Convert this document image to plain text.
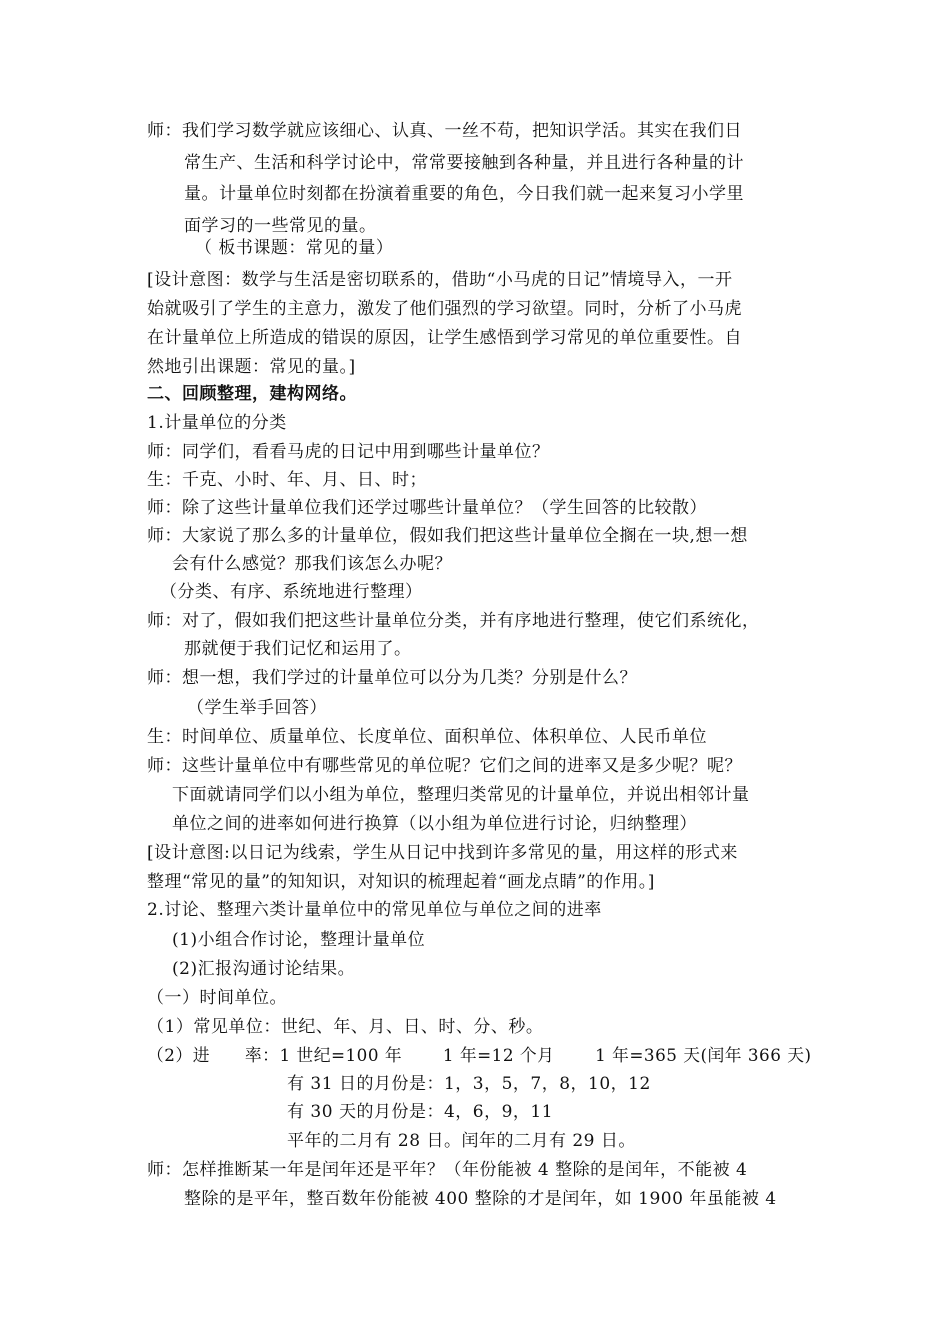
师：我们学习数学就应该细心、认真、一丝不苟，把知识学活。其实在我们日
常生产、生活和科学讨论中，常常要接触到各种量，并且进行各种量的计
量。计量单位时刻都在扮演着重要的角色，今日我们就一起来复习小学里
面学习的一些常见的量。
（ 板书课题：常见的量）
[设计意图：数学与生活是密切联系的，借助“小马虎的日记”情境导入，一开
始就吸引了学生的主意力，激发了他们强烈的学习欲望。同时，分析了小马虎
在计量单位上所造成的错误的原因，让学生感悟到学习常见的单位重要性。自
然地引出课题：常见的量。]
二、回顾整理，建构网络。
1.计量单位的分类
师：同学们，看看马虎的日记中用到哪些计量单位？
生：千克、小时、年、月、日、时；
师：除了这些计量单位我们还学过哪些计量单位？（学生回答的比较散）
师：大家说了那么多的计量单位，假如我们把这些计量单位全搁在一块,想一想
会有什么感觉？那我们该怎么办呢？
（分类、有序、系统地进行整理）
师：对了，假如我们把这些计量单位分类，并有序地进行整理，使它们系统化，
那就便于我们记忆和运用了。
师：想一想，我们学过的计量单位可以分为几类？分别是什么？
（学生举手回答）
生：时间单位、质量单位、长度单位、面积单位、体积单位、人民币单位
师：这些计量单位中有哪些常见的单位呢？它们之间的进率又是多少呢？呢？
下面就请同学们以小组为单位，整理归类常见的计量单位，并说出相邻计量
单位之间的进率如何进行换算（以小组为单位进行讨论，归纳整理）
[设计意图:以日记为线索，学生从日记中找到许多常见的量，用这样的形式来
整理“常见的量”的知知识，对知识的梳理起着“画龙点睛”的作用。]
2.讨论、整理六类计量单位中的常见单位与单位之间的进率
(1)小组合作讨论，整理计量单位
(2)汇报沟通讨论结果。
（一）时间单位。
（1）常见单位：世纪、年、月、日、时、分、秒。
（2）进      率：1 世纪=100 年       1 年=12 个月       1 年=365 天(闰年 366 天)
有 31 日的月份是：1，3，5，7，8，10，12
有 30 天的月份是：4，6，9，11
平年的二月有 28 日。闰年的二月有 29 日。
师：怎样推断某一年是闰年还是平年？（年份能被 4 整除的是闰年，不能被 4
整除的是平年，整百数年份能被 400 整除的才是闰年，如 1900 年虽能被 4
